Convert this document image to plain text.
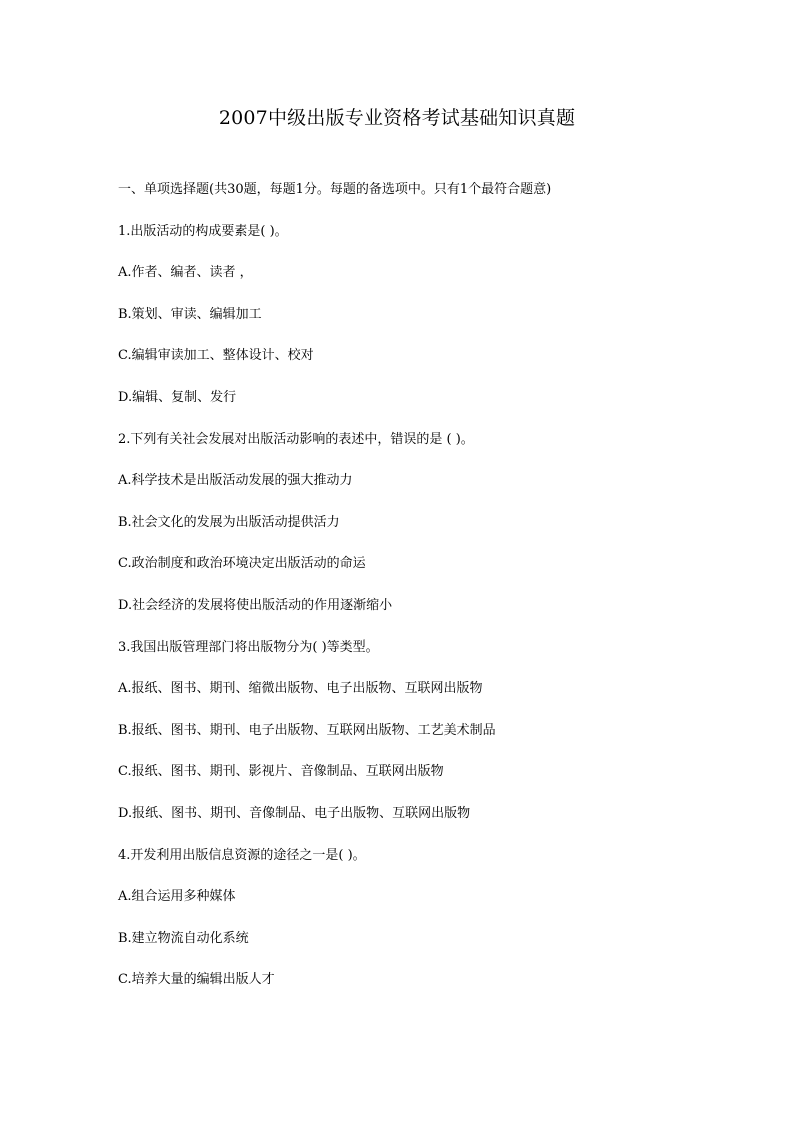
2007中级出版专业资格考试基础知识真题
一、单项选择题(共30题，每题1分。每题的备选项中。只有1个最符合题意)
1.出版活动的构成要素是( )。
A.作者、编者、读者 ，
B.策划、审读、编辑加工
C.编辑审读加工、整体设计、校对
D.编辑、复制、发行
2.下列有关社会发展对出版活动影响的表述中，错误的是 ( )。
A.科学技术是出版活动发展的强大推动力
B.社会文化的发展为出版活动提供活力
C.政治制度和政治环境决定出版活动的命运
D.社会经济的发展将使出版活动的作用逐渐缩小
3.我国出版管理部门将出版物分为( )等类型。
A.报纸、图书、期刊、缩微出版物、电子出版物、互联网出版物
B.报纸、图书、期刊、电子出版物、互联网出版物、工艺美术制品
C.报纸、图书、期刊、影视片、音像制品、互联网出版物
D.报纸、图书、期刊、音像制品、电子出版物、互联网出版物
4.开发利用出版信息资源的途径之一是( )。
A.组合运用多种媒体
B.建立物流自动化系统
C.培养大量的编辑出版人才
